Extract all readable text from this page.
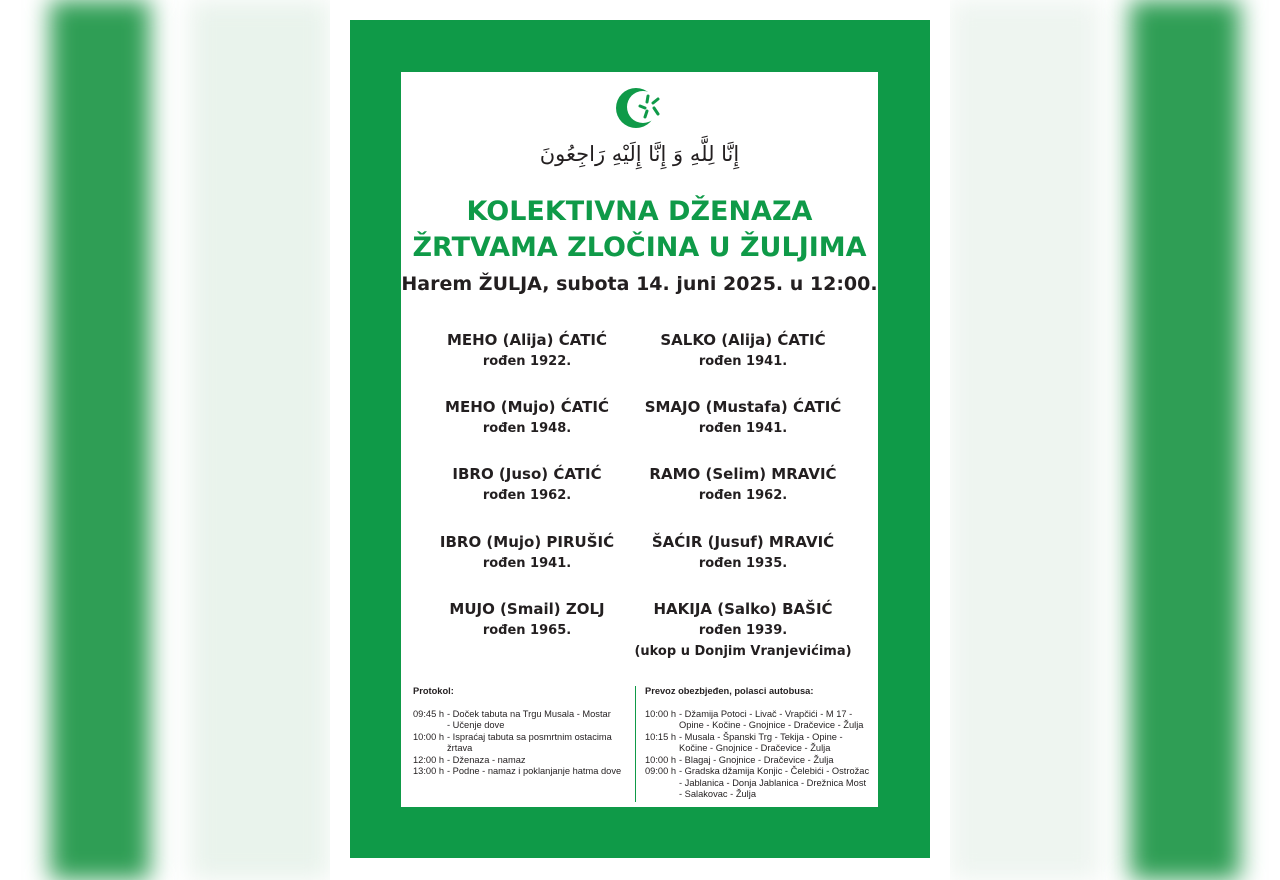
إِنَّا لِلَّهِ وَ إِنَّا إِلَيْهِ رَاجِعُونَ
KOLEKTIVNA DŽENAZA
ŽRTVAMA ZLOČINA U ŽULJIMA
Harem ŽULJA, subota 14. juni 2025. u 12:00.
MEHO (Alija) ĆATIĆ
rođen 1922.
SALKO (Alija) ĆATIĆ
rođen 1941.
MEHO (Mujo) ĆATIĆ
rođen 1948.
SMAJO (Mustafa) ĆATIĆ
rođen 1941.
IBRO (Juso) ĆATIĆ
rođen 1962.
RAMO (Selim) MRAVIĆ
rođen 1962.
IBRO (Mujo) PIRUŠIĆ
rođen 1941.
ŠAĆIR (Jusuf) MRAVIĆ
rođen 1935.
MUJO (Smail) ZOLJ
rođen 1965.
HAKIJA (Salko) BAŠIĆ
rođen 1939.
(ukop u Donjim Vranjevićima)
Protokol:
09:45 h - Doček tabuta na Trgu Musala - Mostar
- Učenje dove
10:00 h - Ispraćaj tabuta sa posmrtnim ostacima žrtava
12:00 h - Dženaza - namaz
13:00 h - Podne - namaz i poklanjanje hatma dove
Prevoz obezbjeđen, polasci autobusa:
10:00 h - Džamija Potoci - Livač - Vrapčići - M 17 - Opine - Kočine - Gnojnice - Dračevice - Žulja
10:15 h - Musala - Španski Trg - Tekija - Opine - Kočine - Gnojnice - Dračevice - Žulja
10:00 h - Blagaj - Gnojnice - Dračevice - Žulja
09:00 h - Gradska džamija Konjic - Čelebići - Ostrožac - Jablanica - Donja Jablanica - Drežnica Most - Salakovac - Žulja
